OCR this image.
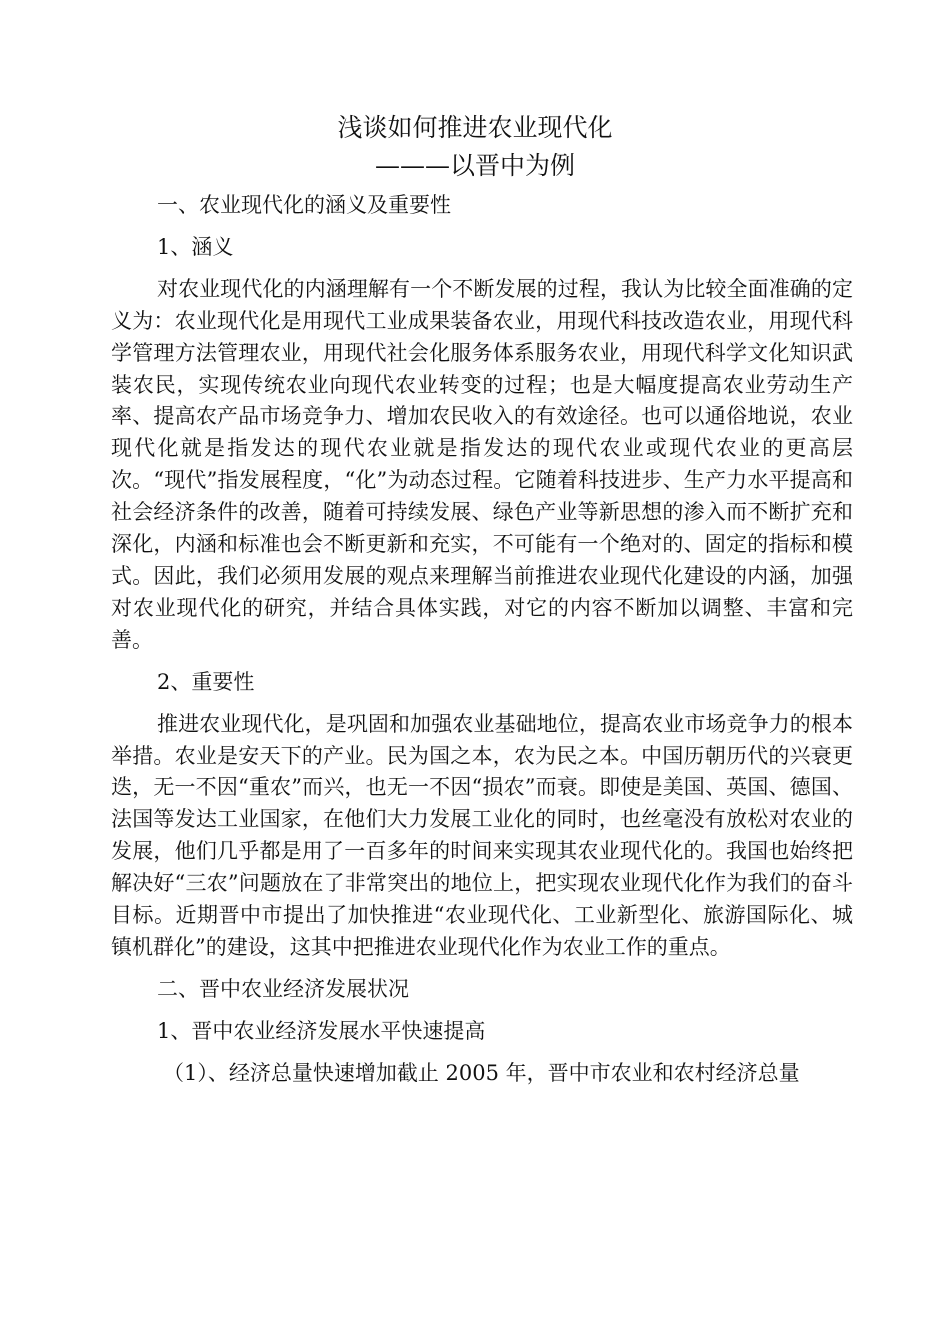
浅谈如何推进农业现代化
———以晋中为例

一、农业现代化的涵义及重要性

1、涵义

对农业现代化的内涵理解有一个不断发展的过程，我认为比较全面准确的定义为：农业现代化是用现代工业成果装备农业，用现代科技改造农业，用现代科学管理方法管理农业，用现代社会化服务体系服务农业，用现代科学文化知识武装农民，实现传统农业向现代农业转变的过程；也是大幅度提高农业劳动生产率、提高农产品市场竞争力、增加农民收入的有效途径。也可以通俗地说，农业现代化就是指发达的现代农业就是指发达的现代农业或现代农业的更高层次。“现代”指发展程度，“化”为动态过程。它随着科技进步、生产力水平提高和社会经济条件的改善，随着可持续发展、绿色产业等新思想的渗入而不断扩充和深化，内涵和标准也会不断更新和充实，不可能有一个绝对的、固定的指标和模式。因此，我们必须用发展的观点来理解当前推进农业现代化建设的内涵，加强对农业现代化的研究，并结合具体实践，对它的内容不断加以调整、丰富和完善。

2、重要性

推进农业现代化，是巩固和加强农业基础地位，提高农业市场竞争力的根本举措。农业是安天下的产业。民为国之本，农为民之本。中国历朝历代的兴衰更迭，无一不因“重农”而兴，也无一不因“损农”而衰。即使是美国、英国、德国、法国等发达工业国家，在他们大力发展工业化的同时，也丝毫没有放松对农业的发展，他们几乎都是用了一百多年的时间来实现其农业现代化的。我国也始终把解决好“三农”问题放在了非常突出的地位上，把实现农业现代化作为我们的奋斗目标。近期晋中市提出了加快推进“农业现代化、工业新型化、旅游国际化、城镇机群化”的建设，这其中把推进农业现代化作为农业工作的重点。

二、晋中农业经济发展状况

1、晋中农业经济发展水平快速提高

（1）、经济总量快速增加截止 2005 年，晋中市农业和农村经济总量
